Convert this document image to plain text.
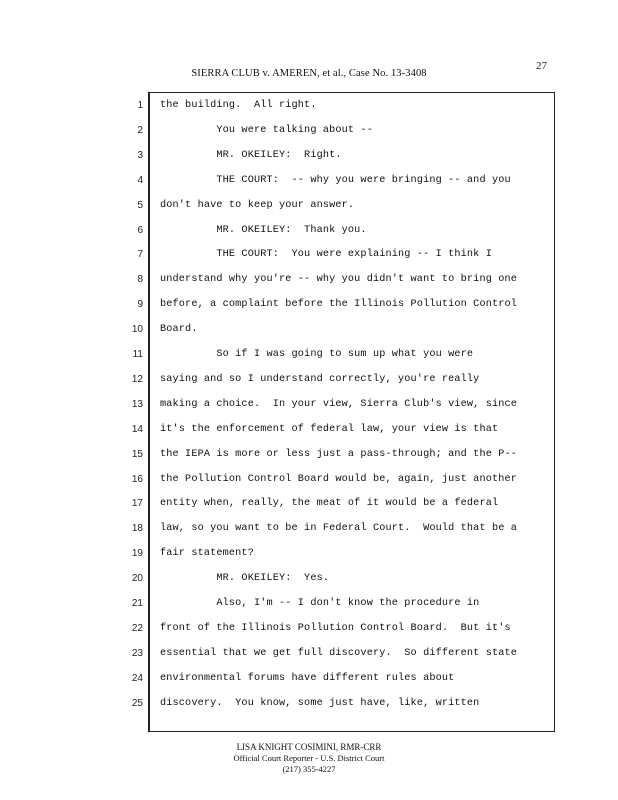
27
SIERRA CLUB v. AMEREN, et al., Case No. 13-3408
1 the building.  All right.
2 You were talking about --
3 MR. OKEILEY:  Right.
4 THE COURT:  -- why you were bringing -- and you
5 don't have to keep your answer.
6 MR. OKEILEY:  Thank you.
7 THE COURT:  You were explaining -- I think I
8 understand why you're -- why you didn't want to bring one
9 before, a complaint before the Illinois Pollution Control
10 Board.
11 So if I was going to sum up what you were
12 saying and so I understand correctly, you're really
13 making a choice.  In your view, Sierra Club's view, since
14 it's the enforcement of federal law, your view is that
15 the IEPA is more or less just a pass-through; and the P--
16 the Pollution Control Board would be, again, just another
17 entity when, really, the meat of it would be a federal
18 law, so you want to be in Federal Court.  Would that be a
19 fair statement?
20 MR. OKEILEY:  Yes.
21 Also, I'm -- I don't know the procedure in
22 front of the Illinois Pollution Control Board.  But it's
23 essential that we get full discovery.  So different state
24 environmental forums have different rules about
25 discovery.  You know, some just have, like, written
LISA KNIGHT COSIMINI, RMR-CRR
Official Court Reporter - U.S. District Court
(217) 355-4227
